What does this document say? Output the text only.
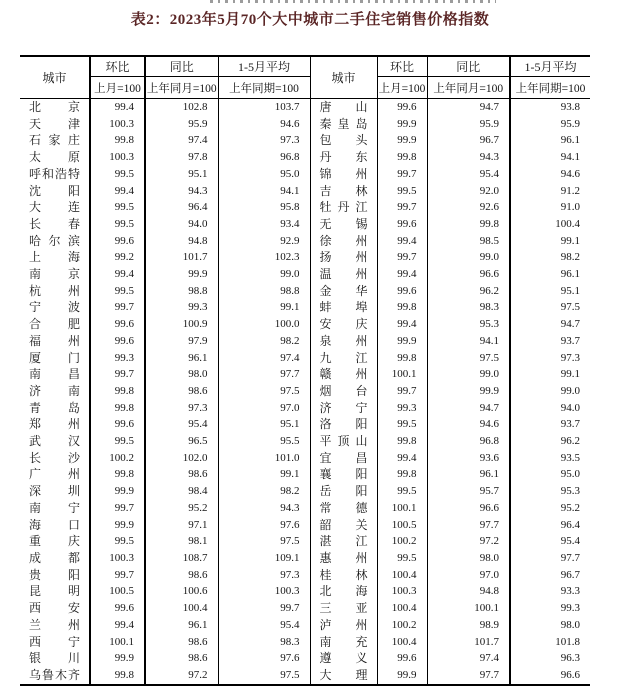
表2：2023年5月70个大中城市二手住宅销售价格指数
城市	环比	同比	1-5月平均	城市	环比	同比	1-5月平均
	上月=100	上年同月=100	上年同期=100		上月=100	上年同月=100	上年同期=100
北京	99.4	102.8	103.7	唐山	99.6	94.7	93.8
天津	100.3	95.9	94.6	秦皇岛	99.9	95.9	95.9
石家庄	99.8	97.4	97.3	包头	99.9	96.7	96.1
太原	100.3	97.8	96.8	丹东	99.8	94.3	94.1
呼和浩特	99.5	95.1	95.0	锦州	99.7	95.4	94.6
沈阳	99.4	94.3	94.1	吉林	99.5	92.0	91.2
大连	99.5	96.4	95.8	牡丹江	99.7	92.6	91.0
长春	99.5	94.0	93.4	无锡	99.6	99.8	100.4
哈尔滨	99.6	94.8	92.9	徐州	99.4	98.5	99.1
上海	99.2	101.7	102.3	扬州	99.7	99.0	98.2
南京	99.4	99.9	99.0	温州	99.4	96.6	96.1
杭州	99.5	98.8	98.8	金华	99.6	96.2	95.1
宁波	99.7	99.3	99.1	蚌埠	99.8	98.3	97.5
合肥	99.6	100.9	100.0	安庆	99.4	95.3	94.7
福州	99.6	97.9	98.2	泉州	99.9	94.1	93.7
厦门	99.3	96.1	97.4	九江	99.8	97.5	97.3
南昌	99.7	98.0	97.7	赣州	100.1	99.0	99.1
济南	99.8	98.6	97.5	烟台	99.7	99.9	99.0
青岛	99.8	97.3	97.0	济宁	99.3	94.7	94.0
郑州	99.6	95.4	95.1	洛阳	99.5	94.6	93.7
武汉	99.5	96.5	95.5	平顶山	99.8	96.8	96.2
长沙	100.2	102.0	101.0	宜昌	99.4	93.6	93.5
广州	99.8	98.6	99.1	襄阳	99.8	96.1	95.0
深圳	99.9	98.4	98.2	岳阳	99.5	95.7	95.3
南宁	99.7	95.2	94.3	常德	100.1	96.6	95.2
海口	99.9	97.1	97.6	韶关	100.5	97.7	96.4
重庆	99.5	98.1	97.5	湛江	100.2	97.2	95.4
成都	100.3	108.7	109.1	惠州	99.5	98.0	97.7
贵阳	99.7	98.6	97.3	桂林	100.4	97.0	96.7
昆明	100.5	100.6	100.3	北海	100.3	94.8	93.3
西安	99.6	100.4	99.7	三亚	100.4	100.1	99.3
兰州	99.4	96.1	95.4	泸州	100.2	98.9	98.0
西宁	100.1	98.6	98.3	南充	100.4	101.7	101.8
银川	99.9	98.6	97.6	遵义	99.6	97.4	96.3
乌鲁木齐	99.8	97.2	97.5	大理	99.9	97.7	96.6
